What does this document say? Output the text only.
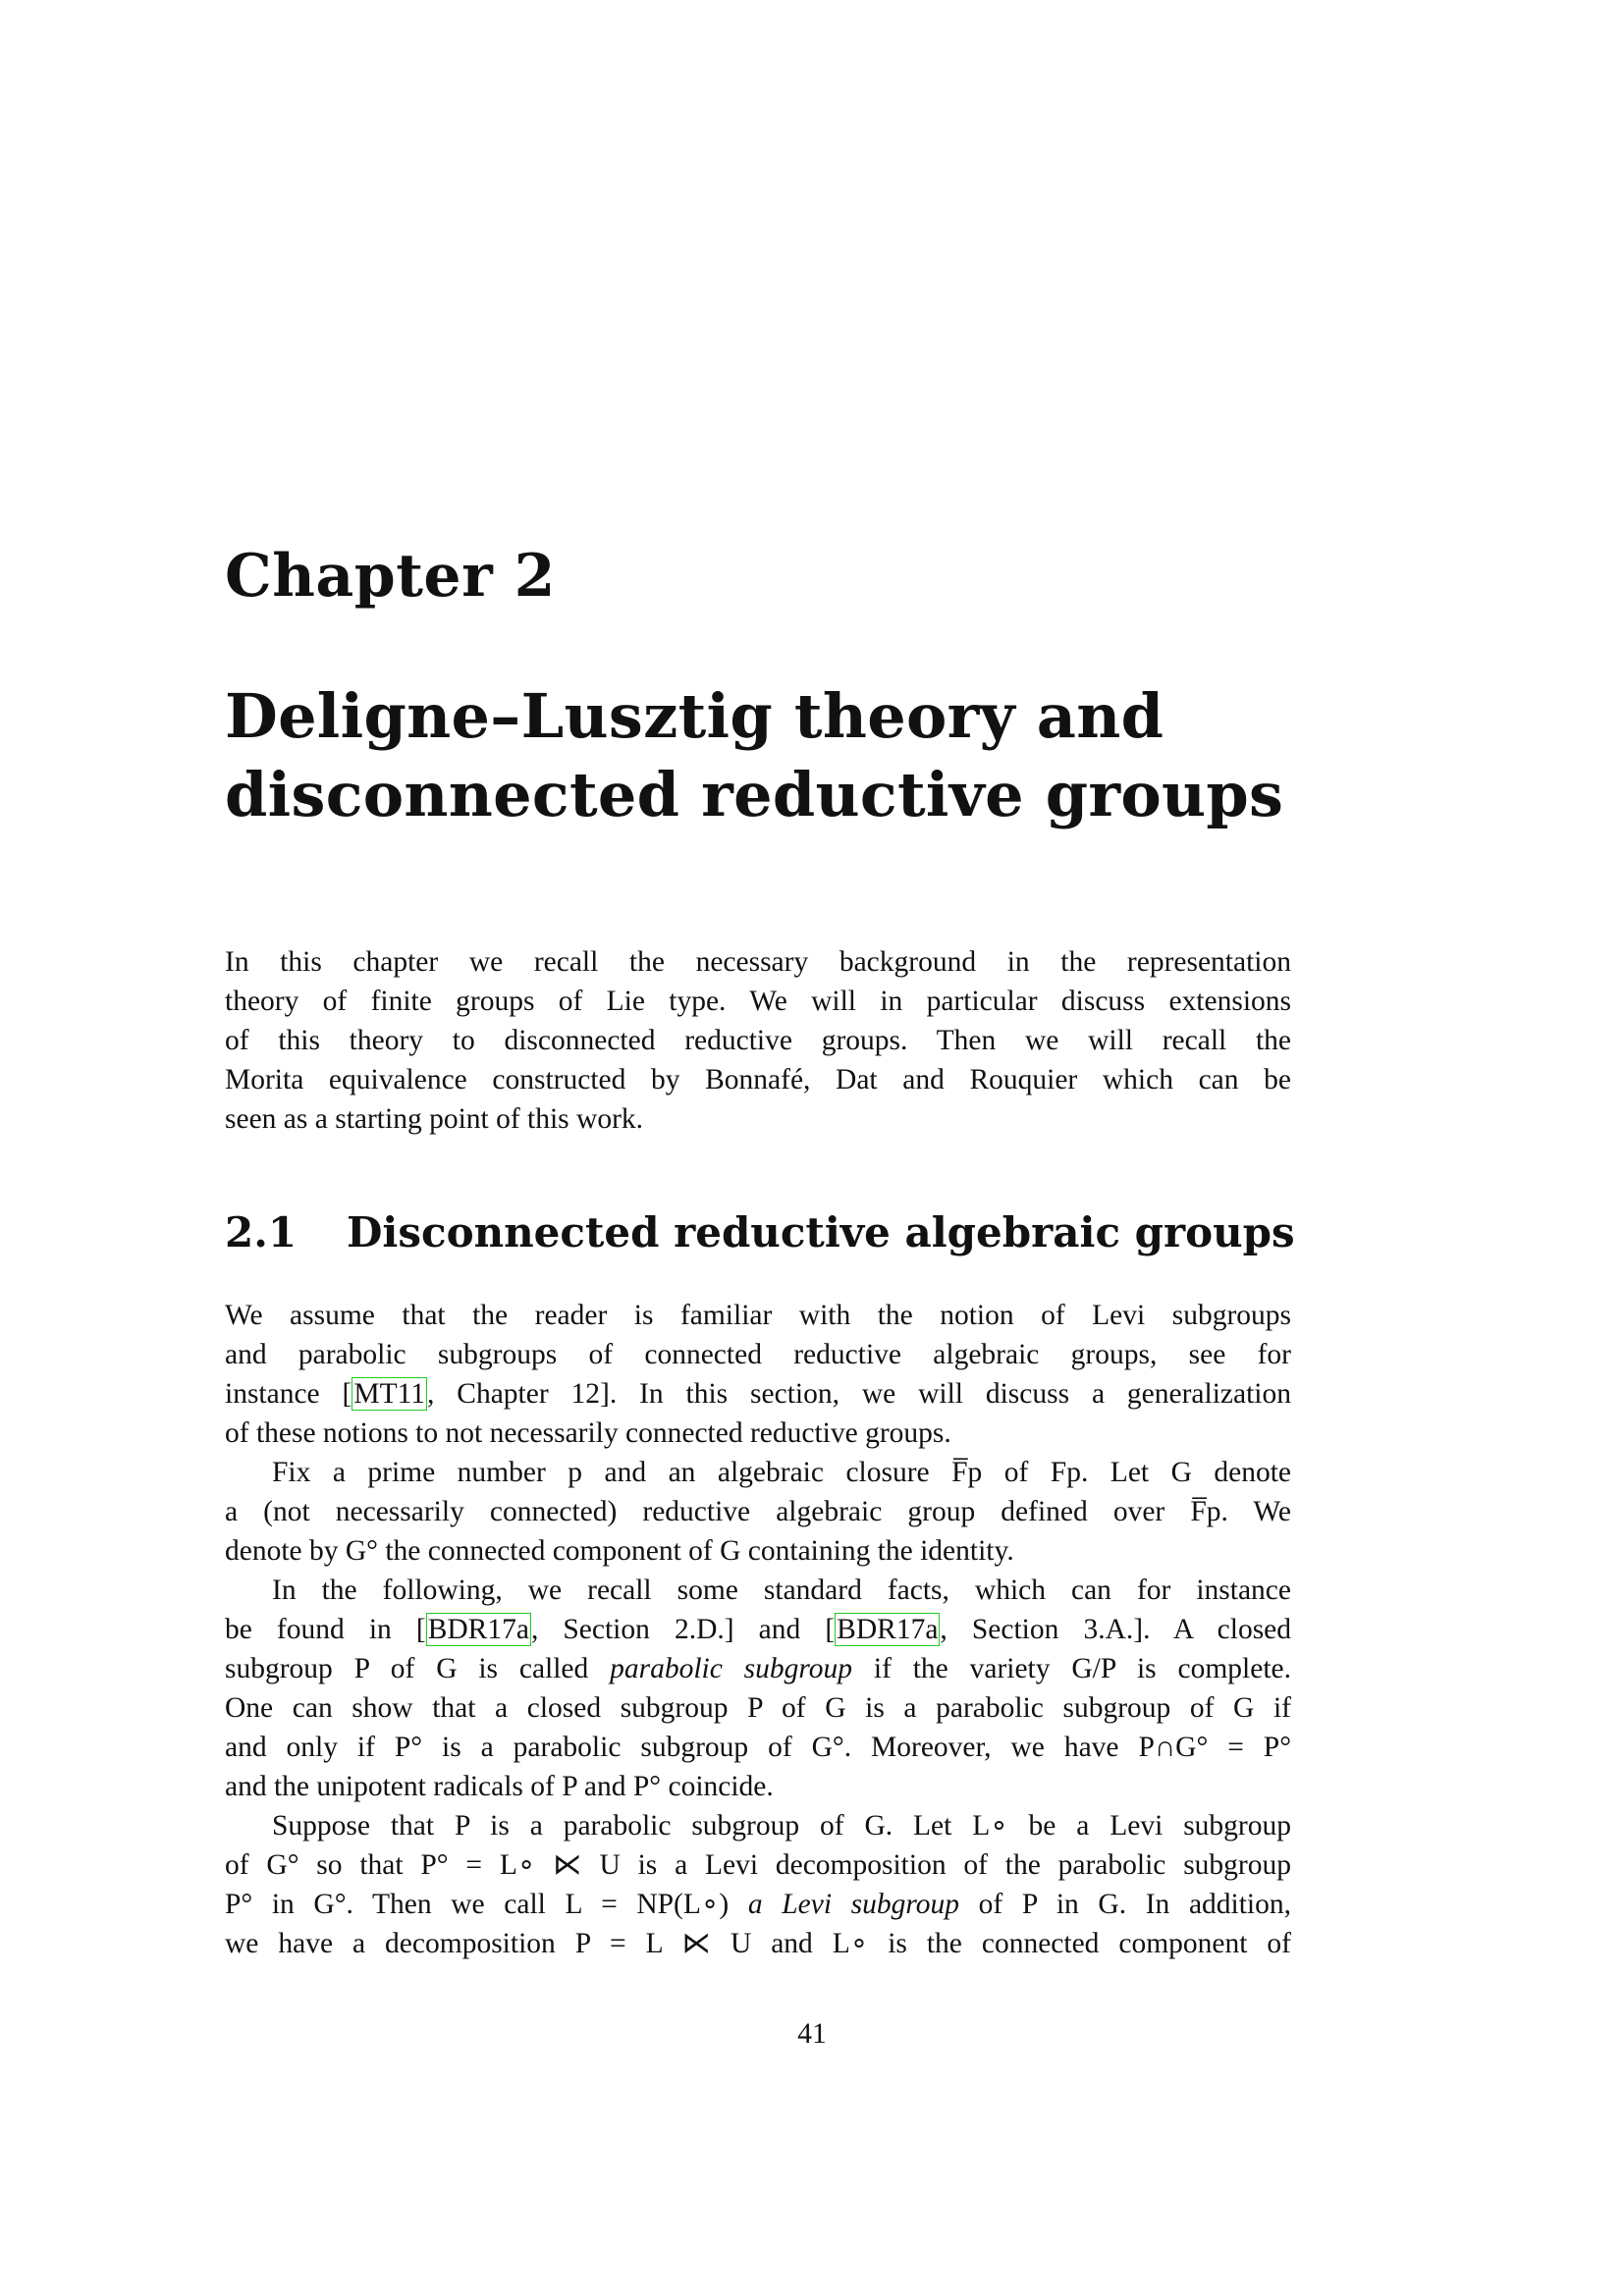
Chapter 2
Deligne–Lusztig theory and
disconnected reductive groups
In this chapter we recall the necessary background in the representation
theory of finite groups of Lie type. We will in particular discuss extensions
of this theory to disconnected reductive groups. Then we will recall the
Morita equivalence constructed by Bonnafé, Dat and Rouquier which can be
seen as a starting point of this work.
2.1 Disconnected reductive algebraic groups
We assume that the reader is familiar with the notion of Levi subgroups
and parabolic subgroups of connected reductive algebraic groups, see for
instance [MT11, Chapter 12]. In this section, we will discuss a generalization
of these notions to not necessarily connected reductive groups.
Fix a prime number p and an algebraic closure F̅p of Fp. Let G denote
a (not necessarily connected) reductive algebraic group defined over F̅p. We
denote by G° the connected component of G containing the identity.
In the following, we recall some standard facts, which can for instance
be found in [BDR17a, Section 2.D.] and [BDR17a, Section 3.A.]. A closed
subgroup P of G is called parabolic subgroup if the variety G/P is complete.
One can show that a closed subgroup P of G is a parabolic subgroup of G if
and only if P° is a parabolic subgroup of G°. Moreover, we have P∩G° = P°
and the unipotent radicals of P and P° coincide.
Suppose that P is a parabolic subgroup of G. Let L∘ be a Levi subgroup
of G° so that P° = L∘ ⋉ U is a Levi decomposition of the parabolic subgroup
P° in G°. Then we call L = NP(L∘) a Levi subgroup of P in G. In addition,
we have a decomposition P = L ⋉ U and L∘ is the connected component of

41
